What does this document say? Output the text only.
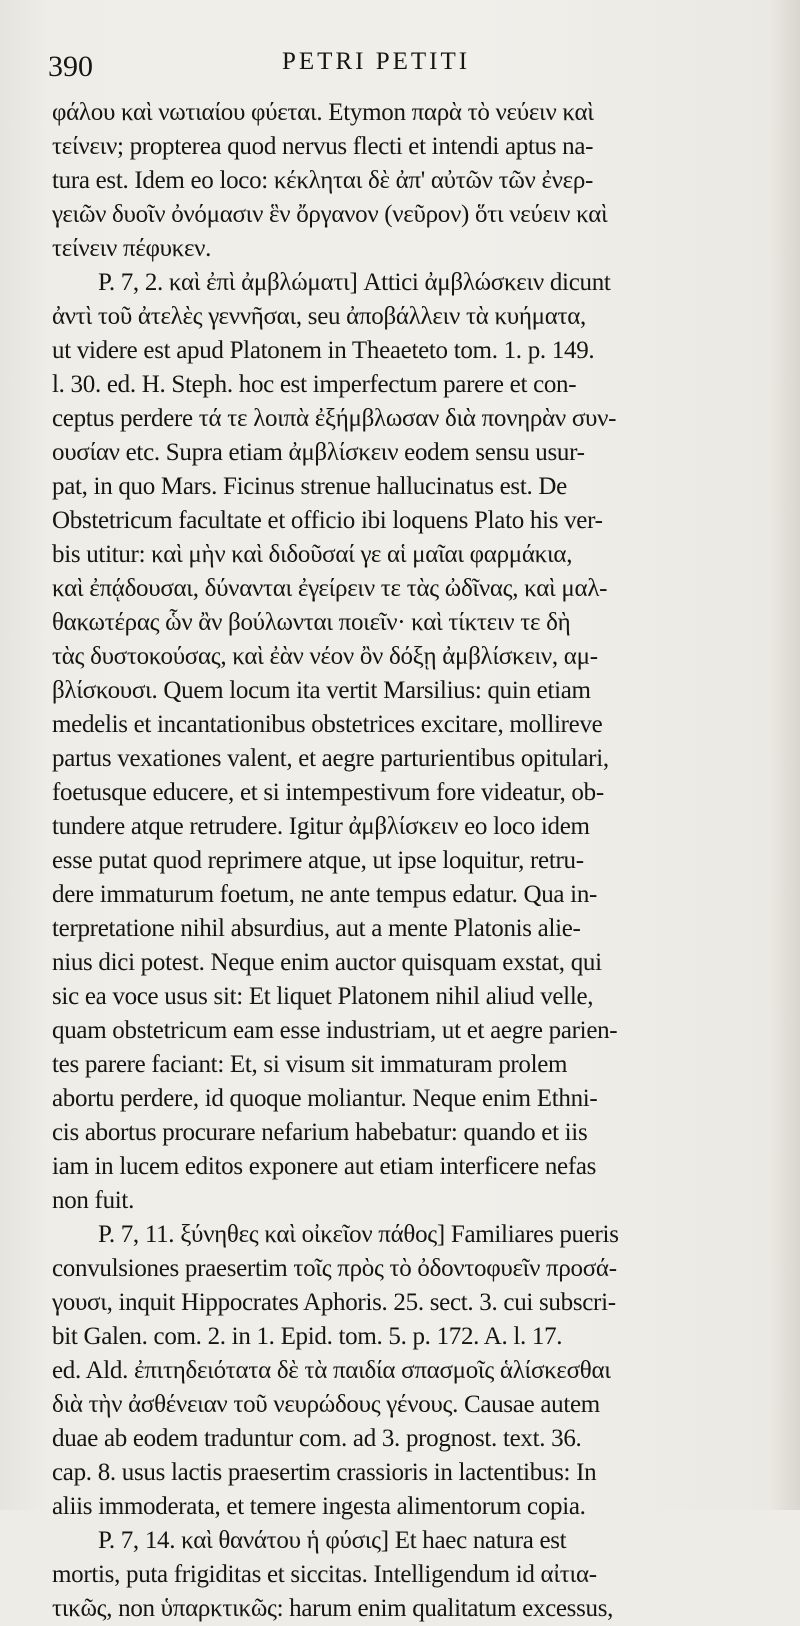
390	PETRI PETITI
φάλου καὶ νωτιαίου φύεται. Etymon παρὰ τὸ νεύειν καὶ
τείνειν; propterea quod nervus flecti et intendi aptus na-
tura est. Idem eo loco: κέκληται δὲ ἀπ' αὐτῶν τῶν ἐνερ-
γειῶν δυοῖν ὀνόμασιν ἓν ὄργανον (νεῦρον) ὅτι νεύειν καὶ
τείνειν πέφυκεν.
P. 7, 2. καὶ ἐπὶ ἀμβλώματι] Attici ἀμβλώσκειν dicunt
ἀντὶ τοῦ ἀτελὲς γεννῆσαι, seu ἀποβάλλειν τὰ κυήματα,
ut videre est apud Platonem in Theaeteto tom. 1. p. 149.
l. 30. ed. H. Steph. hoc est imperfectum parere et con-
ceptus perdere τά τε λοιπὰ ἐξήμβλωσαν διὰ πονηρὰν συν-
ουσίαν etc. Supra etiam ἀμβλίσκειν eodem sensu usur-
pat, in quo Mars. Ficinus strenue hallucinatus est. De
Obstetricum facultate et officio ibi loquens Plato his ver-
bis utitur: καὶ μὴν καὶ διδοῦσαί γε αἱ μαῖαι φαρμάκια,
καὶ ἐπᾴδουσαι, δύνανται ἐγείρειν τε τὰς ὠδῖνας, καὶ μαλ-
θακωτέρας ὧν ἂν βούλωνται ποιεῖν· καὶ τίκτειν τε δὴ
τὰς δυστοκούσας, καὶ ἐὰν νέον ὂν δόξῃ ἀμβλίσκειν, αμ-
βλίσκουσι. Quem locum ita vertit Marsilius: quin etiam
medelis et incantationibus obstetrices excitare, mollireve
partus vexationes valent, et aegre parturientibus opitulari,
foetusque educere, et si intempestivum fore videatur, ob-
tundere atque retrudere. Igitur ἀμβλίσκειν eo loco idem
esse putat quod reprimere atque, ut ipse loquitur, retru-
dere immaturum foetum, ne ante tempus edatur. Qua in-
terpretatione nihil absurdius, aut a mente Platonis alie-
nius dici potest. Neque enim auctor quisquam exstat, qui
sic ea voce usus sit: Et liquet Platonem nihil aliud velle,
quam obstetricum eam esse industriam, ut et aegre parien-
tes parere faciant: Et, si visum sit immaturam prolem
abortu perdere, id quoque moliantur. Neque enim Ethni-
cis abortus procurare nefarium habebatur: quando et iis
iam in lucem editos exponere aut etiam interficere nefas
non fuit.
P. 7, 11. ξύνηθες καὶ οἰκεῖον πάθος] Familiares pueris
convulsiones praesertim τοῖς πρὸς τὸ ὀδοντοφυεῖν προσά-
γουσι, inquit Hippocrates Aphoris. 25. sect. 3. cui subscri-
bit Galen. com. 2. in 1. Epid. tom. 5. p. 172. A. l. 17.
ed. Ald. ἐπιτηδειότατα δὲ τὰ παιδία σπασμοῖς ἁλίσκεσθαι
διὰ τὴν ἀσθένειαν τοῦ νευρώδους γένους. Causae autem
duae ab eodem traduntur com. ad 3. prognost. text. 36.
cap. 8. usus lactis praesertim crassioris in lactentibus: In
aliis immoderata, et temere ingesta alimentorum copia.
P. 7, 14. καὶ θανάτου ἡ φύσις] Et haec natura est
mortis, puta frigiditas et siccitas. Intelligendum id αἰτια-
τικῶς, non ὑπαρκτικῶς: harum enim qualitatum excessus,
